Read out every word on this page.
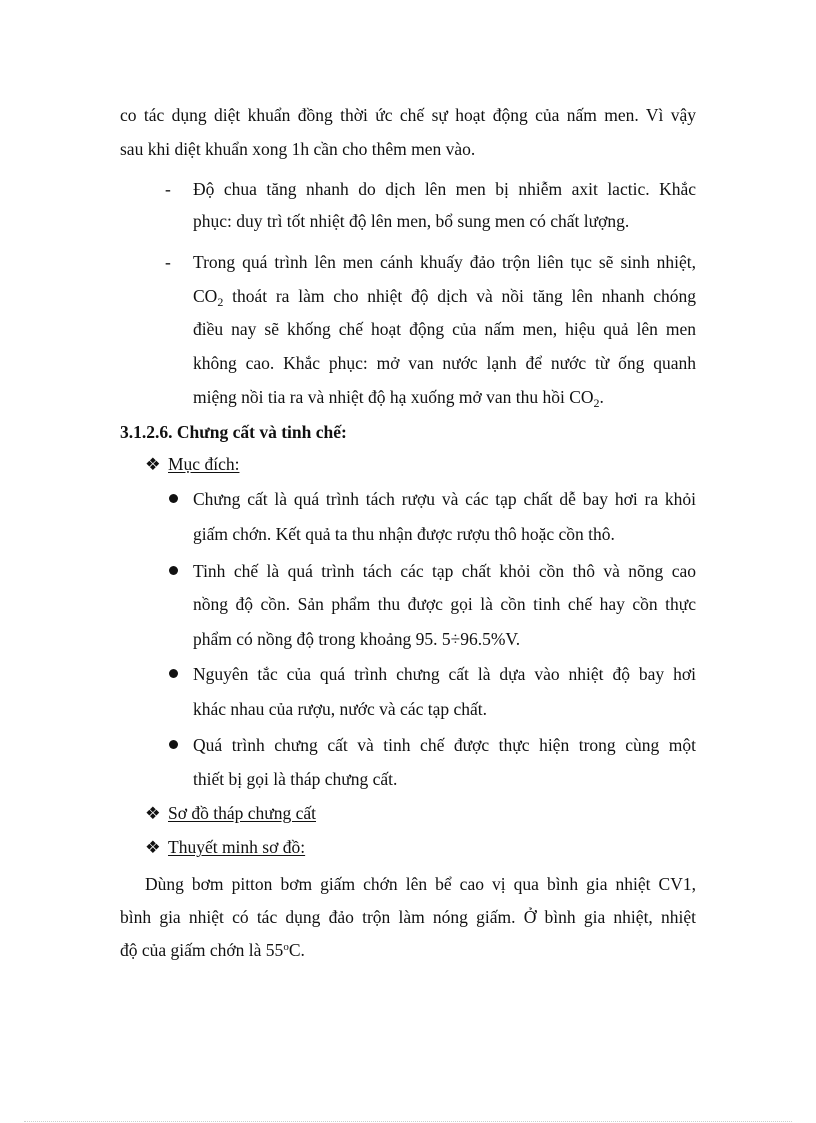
co tác dụng diệt khuẩn đồng thời ức chế sự hoạt động của nấm men. Vì vậy
sau khi diệt khuẩn xong 1h cần cho thêm men vào.
- Độ chua tăng nhanh do dịch lên men bị nhiễm axit lactic. Khắc
phục: duy trì tốt nhiệt độ lên men, bổ sung men có chất lượng.
- Trong quá trình lên men cánh khuấy đảo trộn liên tục sẽ sinh nhiệt,
$CO_2$ thoát ra làm cho nhiệt độ dịch và nồi tăng lên nhanh chóng
điều nay sẽ khống chế hoạt động của nấm men, hiệu quả lên men
không cao. Khắc phục: mở van nước lạnh để nước từ ống quanh
miệng nồi tia ra và nhiệt độ hạ xuống mở van thu hồi $CO_2$.
3.1.2.6. Chưng cất và tinh chế:
❖ Mục đích:
Chưng cất là quá trình tách rượu và các tạp chất dễ bay hơi ra khỏi
giấm chớn. Kết quả ta thu nhận được rượu thô hoặc cồn thô.
Tinh chế là quá trình tách các tạp chất khỏi cồn thô và nõng cao
nồng độ cồn. Sản phẩm thu được gọi là cồn tinh chế hay cồn thực
phẩm có nồng độ trong khoảng 95. 5÷96.5%V.
Nguyên tắc của quá trình chưng cất là dựa vào nhiệt độ bay hơi
khác nhau của rượu, nước và các tạp chất.
Quá trình chưng cất và tinh chế được thực hiện trong cùng một
thiết bị gọi là tháp chưng cất.
❖ Sơ đồ tháp chưng cất
❖ Thuyết minh sơ đồ:
Dùng bơm pitton bơm giấm chớn lên bể cao vị qua bình gia nhiệt CV1,
bình gia nhiệt có tác dụng đảo trộn làm nóng giấm. Ở bình gia nhiệt, nhiệt
độ của giấm chớn là 55$^o$C.
